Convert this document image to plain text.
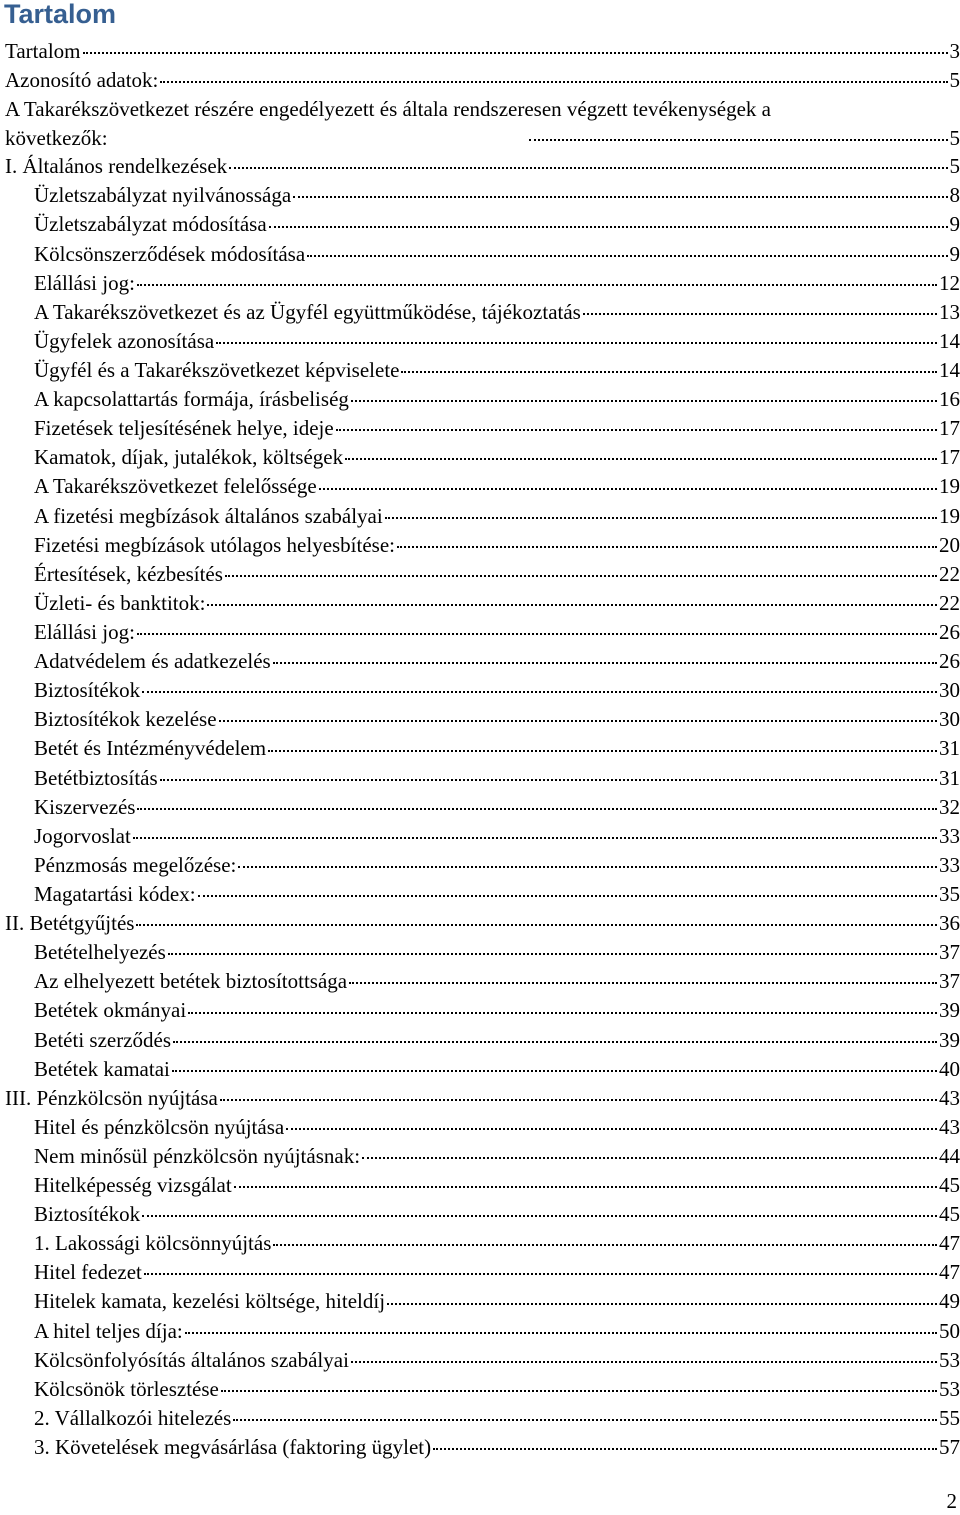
Tartalom
Tartalom	3
Azonosító adatok:	5
A Takarékszövetkezet részére engedélyezett és általa rendszeresen végzett tevékenységek a
következők:	5
I. Általános rendelkezések	5
Üzletszabályzat nyilvánossága	8
Üzletszabályzat módosítása	9
Kölcsönszerződések módosítása	9
Elállási jog:	12
A Takarékszövetkezet és az Ügyfél együttműködése, tájékoztatás	13
Ügyfelek azonosítása	14
Ügyfél és a Takarékszövetkezet képviselete	14
A kapcsolattartás formája, írásbeliség	16
Fizetések teljesítésének helye, ideje	17
Kamatok, díjak, jutalékok, költségek	17
A Takarékszövetkezet felelőssége	19
A fizetési megbízások általános szabályai	19
Fizetési megbízások utólagos helyesbítése:	20
Értesítések, kézbesítés	22
Üzleti- és banktitok:	22
Elállási jog:	26
Adatvédelem és adatkezelés	26
Biztosítékok	30
Biztosítékok kezelése	30
Betét és Intézményvédelem	31
Betétbiztosítás	31
Kiszervezés	32
Jogorvoslat	33
Pénzmosás megelőzése:	33
Magatartási kódex:	35
II. Betétgyűjtés	36
Betételhelyezés	37
Az elhelyezett betétek biztosítottsága	37
Betétek okmányai	39
Betéti szerződés	39
Betétek kamatai	40
III. Pénzkölcsön nyújtása	43
Hitel és pénzkölcsön nyújtása	43
Nem minősül pénzkölcsön nyújtásnak:	44
Hitelképesség vizsgálat	45
Biztosítékok	45
1. Lakossági kölcsönnyújtás	47
Hitel fedezet	47
Hitelek kamata, kezelési költsége, hiteldíj	49
A hitel teljes díja:	50
Kölcsönfolyósítás általános szabályai	53
Kölcsönök törlesztése	53
2. Vállalkozói hitelezés	55
3. Követelések megvásárlása (faktoring ügylet)	57
2
